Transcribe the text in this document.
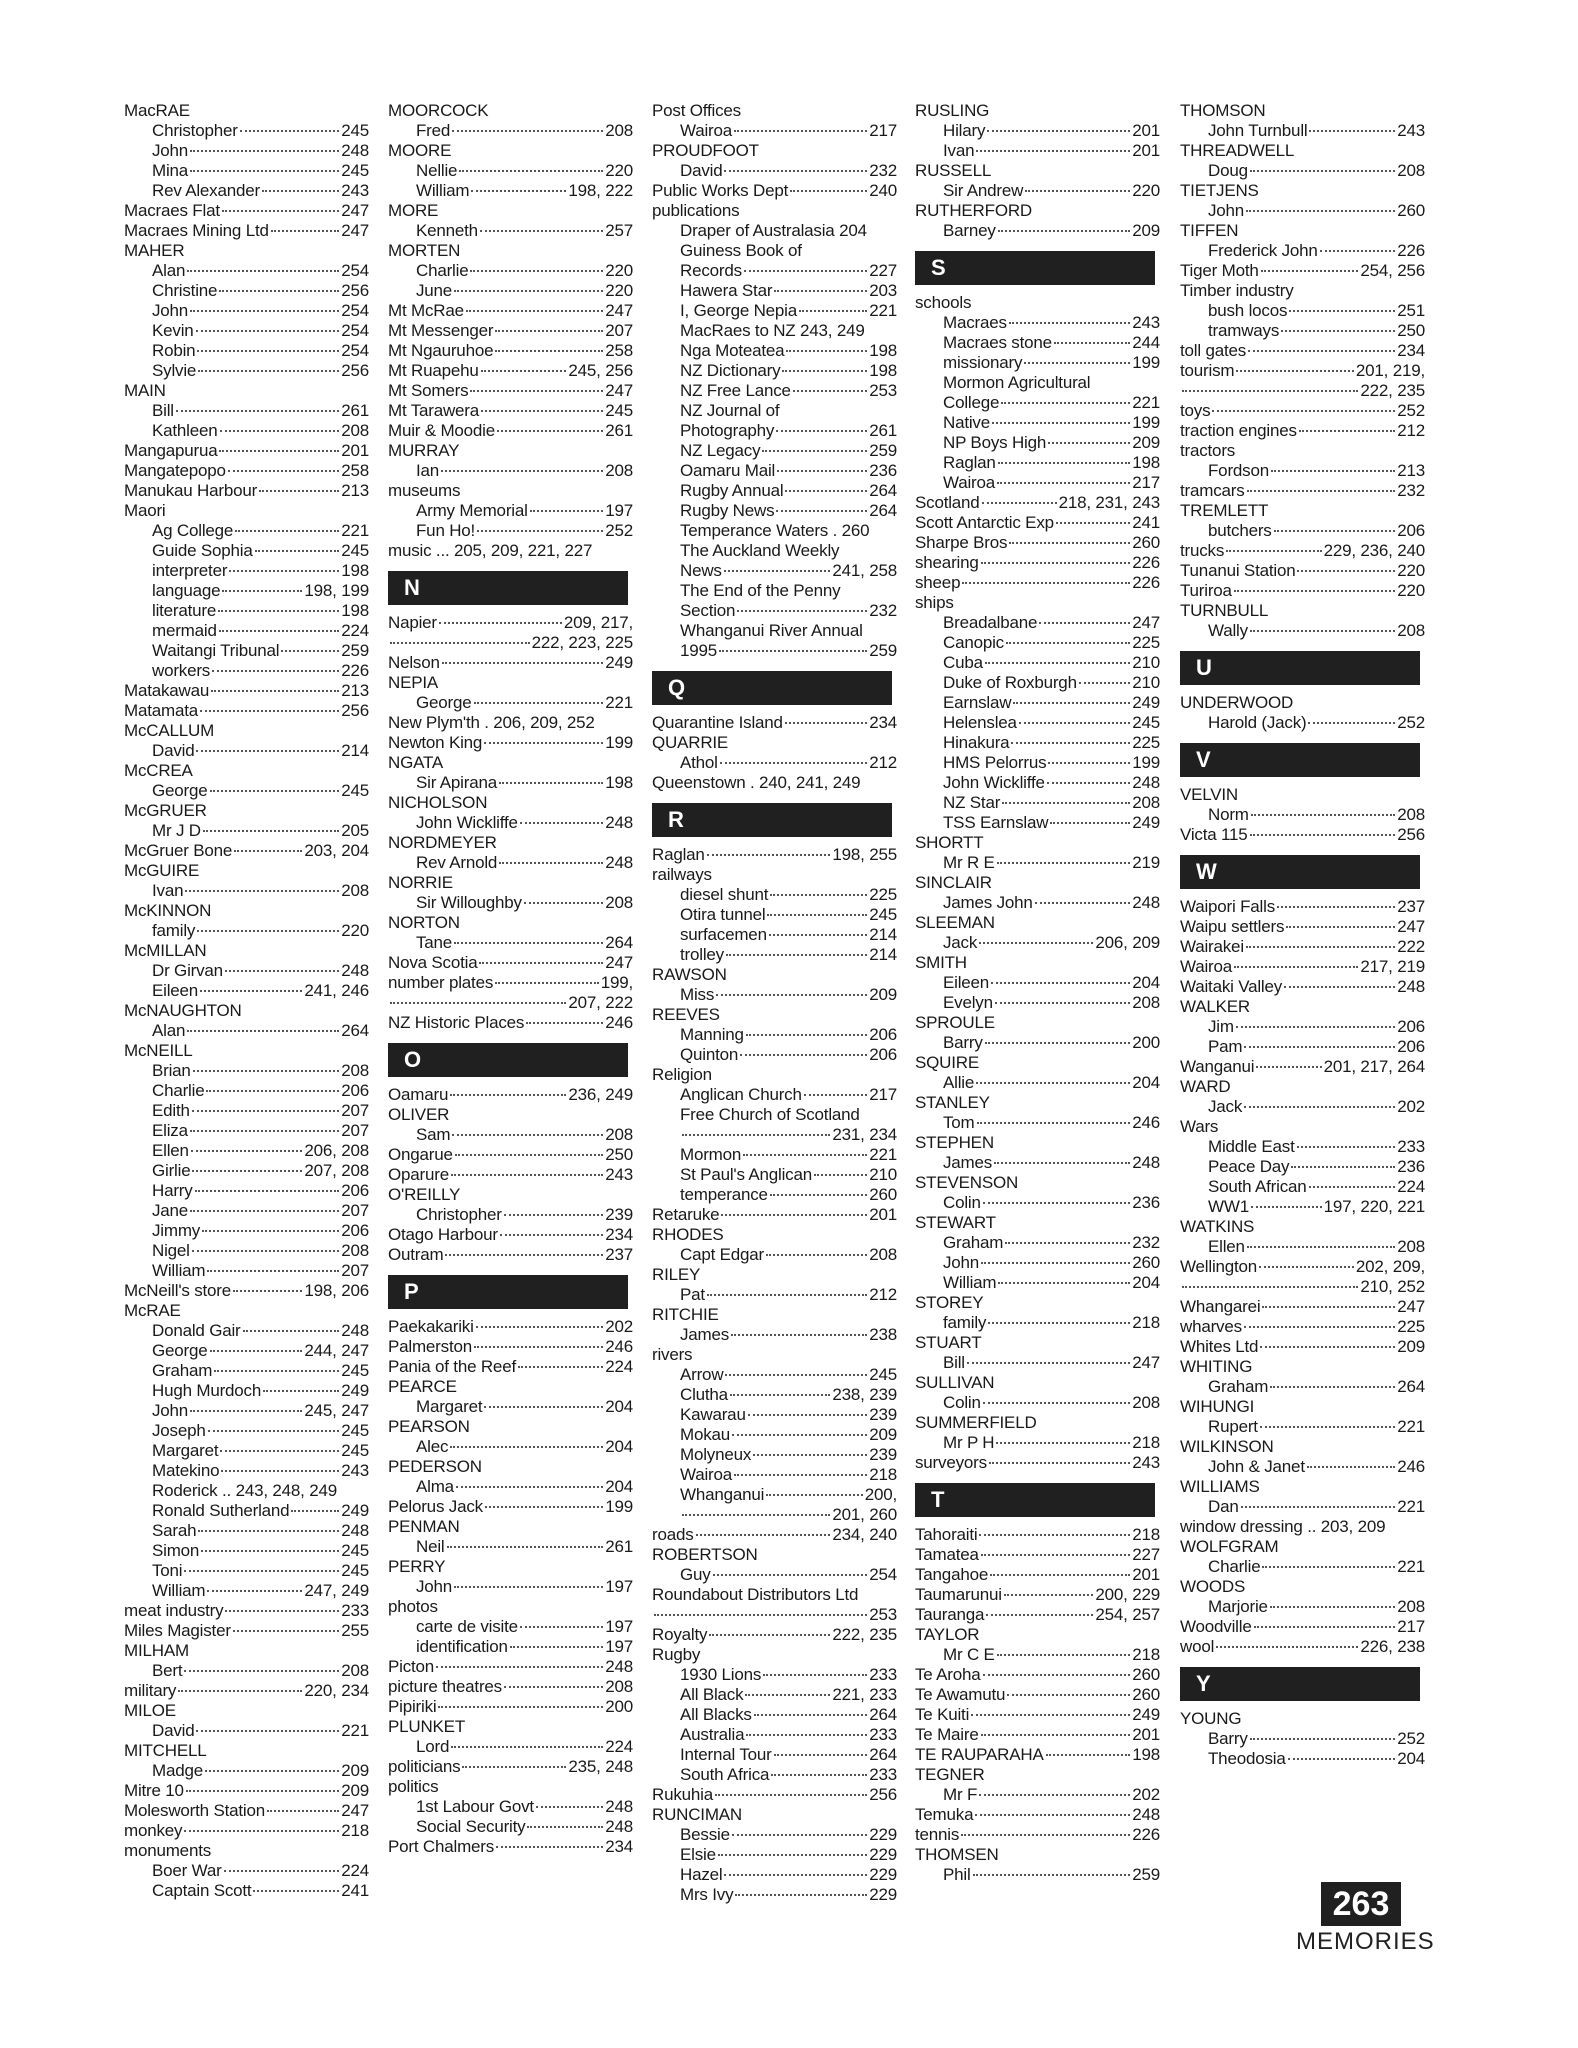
MacRAE
Christopher	245
John	248
Mina	245
Rev Alexander	243
Macraes Flat	247
Macraes Mining Ltd	247
MAHER
Alan	254
Christine	256
John	254
Kevin	254
Robin	254
Sylvie	256
MAIN
Bill	261
Kathleen	208
Mangapurua	201
Mangatepopo	258
Manukau Harbour	213
Maori
Ag College	221
Guide Sophia	245
interpreter	198
language	198, 199
literature	198
mermaid	224
Waitangi Tribunal	259
workers	226
Matakawau	213
Matamata	256
McCALLUM
David	214
McCREA
George	245
McGRUER
Mr J D	205
McGruer Bone	203, 204
McGUIRE
Ivan	208
McKINNON
family	220
McMILLAN
Dr Girvan	248
Eileen	241, 246
McNAUGHTON
Alan	264
McNEILL
Brian	208
Charlie	206
Edith	207
Eliza	207
Ellen	206, 208
Girlie	207, 208
Harry	206
Jane	207
Jimmy	206
Nigel	208
William	207
McNeill's store	198, 206
McRAE
Donald Gair	248
George	244, 247
Graham	245
Hugh Murdoch	249
John	245, 247
Joseph	245
Margaret	245
Matekino	243
Roderick .. 243, 248, 249
Ronald Sutherland	249
Sarah	248
Simon	245
Toni	245
William	247, 249
meat industry	233
Miles Magister	255
MILHAM
Bert	208
military	220, 234
MILOE
David	221
MITCHELL
Madge	209
Mitre 10	209
Molesworth Station	247
monkey	218
monuments
Boer War	224
Captain Scott	241
MOORCOCK
Fred	208
MOORE
Nellie	220
William	198, 222
MORE
Kenneth	257
MORTEN
Charlie	220
June	220
Mt McRae	247
Mt Messenger	207
Mt Ngauruhoe	258
Mt Ruapehu	245, 256
Mt Somers	247
Mt Tarawera	245
Muir & Moodie	261
MURRAY
Ian	208
museums
Army Memorial	197
Fun Ho!	252
music ... 205, 209, 221, 227
N
Napier	209, 217,
222, 223, 225
Nelson	249
NEPIA
George	221
New Plym'th . 206, 209, 252
Newton King	199
NGATA
Sir Apirana	198
NICHOLSON
John Wickliffe	248
NORDMEYER
Rev Arnold	248
NORRIE
Sir Willoughby	208
NORTON
Tane	264
Nova Scotia	247
number plates	199,
207, 222
NZ Historic Places	246
O
Oamaru	236, 249
OLIVER
Sam	208
Ongarue	250
Oparure	243
O'REILLY
Christopher	239
Otago Harbour	234
Outram	237
P
Paekakariki	202
Palmerston	246
Pania of the Reef	224
PEARCE
Margaret	204
PEARSON
Alec	204
PEDERSON
Alma	204
Pelorus Jack	199
PENMAN
Neil	261
PERRY
John	197
photos
carte de visite	197
identification	197
Picton	248
picture theatres	208
Pipiriki	200
PLUNKET
Lord	224
politicians	235, 248
politics
1st Labour Govt	248
Social Security	248
Port Chalmers	234
Post Offices
Wairoa	217
PROUDFOOT
David	232
Public Works Dept	240
publications
Draper of Australasia 204
Guiness Book of
Records	227
Hawera Star	203
I, George Nepia	221
MacRaes to NZ 243, 249
Nga Moteatea	198
NZ Dictionary	198
NZ Free Lance	253
NZ Journal of
Photography	261
NZ Legacy	259
Oamaru Mail	236
Rugby Annual	264
Rugby News	264
Temperance Waters . 260
The Auckland Weekly
News	241, 258
The End of the Penny
Section	232
Whanganui River Annual
1995	259
Q
Quarantine Island	234
QUARRIE
Athol	212
Queenstown . 240, 241, 249
R
Raglan	198, 255
railways
diesel shunt	225
Otira tunnel	245
surfacemen	214
trolley	214
RAWSON
Miss	209
REEVES
Manning	206
Quinton	206
Religion
Anglican Church	217
Free Church of Scotland
231, 234
Mormon	221
St Paul's Anglican	210
temperance	260
Retaruke	201
RHODES
Capt Edgar	208
RILEY
Pat	212
RITCHIE
James	238
rivers
Arrow	245
Clutha	238, 239
Kawarau	239
Mokau	209
Molyneux	239
Wairoa	218
Whanganui	200,
201, 260
roads	234, 240
ROBERTSON
Guy	254
Roundabout Distributors Ltd
253
Royalty	222, 235
Rugby
1930 Lions	233
All Black	221, 233
All Blacks	264
Australia	233
Internal Tour	264
South Africa	233
Rukuhia	256
RUNCIMAN
Bessie	229
Elsie	229
Hazel	229
Mrs Ivy	229
RUSLING
Hilary	201
Ivan	201
RUSSELL
Sir Andrew	220
RUTHERFORD
Barney	209
S
schools
Macraes	243
Macraes stone	244
missionary	199
Mormon Agricultural
College	221
Native	199
NP Boys High	209
Raglan	198
Wairoa	217
Scotland	218, 231, 243
Scott Antarctic Exp	241
Sharpe Bros	260
shearing	226
sheep	226
ships
Breadalbane	247
Canopic	225
Cuba	210
Duke of Roxburgh	210
Earnslaw	249
Helenslea	245
Hinakura	225
HMS Pelorrus	199
John Wickliffe	248
NZ Star	208
TSS Earnslaw	249
SHORTT
Mr R E	219
SINCLAIR
James John	248
SLEEMAN
Jack	206, 209
SMITH
Eileen	204
Evelyn	208
SPROULE
Barry	200
SQUIRE
Allie	204
STANLEY
Tom	246
STEPHEN
James	248
STEVENSON
Colin	236
STEWART
Graham	232
John	260
William	204
STOREY
family	218
STUART
Bill	247
SULLIVAN
Colin	208
SUMMERFIELD
Mr P H	218
surveyors	243
T
Tahoraiti	218
Tamatea	227
Tangahoe	201
Taumarunui	200, 229
Tauranga	254, 257
TAYLOR
Mr C E	218
Te Aroha	260
Te Awamutu	260
Te Kuiti	249
Te Maire	201
TE RAUPARAHA	198
TEGNER
Mr F	202
Temuka	248
tennis	226
THOMSEN
Phil	259
THOMSON
John Turnbull	243
THREADWELL
Doug	208
TIETJENS
John	260
TIFFEN
Frederick John	226
Tiger Moth	254, 256
Timber industry
bush locos	251
tramways	250
toll gates	234
tourism	201, 219,
222, 235
toys	252
traction engines	212
tractors
Fordson	213
tramcars	232
TREMLETT
butchers	206
trucks	229, 236, 240
Tunanui Station	220
Turiroa	220
TURNBULL
Wally	208
U
UNDERWOOD
Harold (Jack)	252
V
VELVIN
Norm	208
Victa 115	256
W
Waipori Falls	237
Waipu settlers	247
Wairakei	222
Wairoa	217, 219
Waitaki Valley	248
WALKER
Jim	206
Pam	206
Wanganui	201, 217, 264
WARD
Jack	202
Wars
Middle East	233
Peace Day	236
South African	224
WW1	197, 220, 221
WATKINS
Ellen	208
Wellington	202, 209,
210, 252
Whangarei	247
wharves	225
Whites Ltd	209
WHITING
Graham	264
WIHUNGI
Rupert	221
WILKINSON
John & Janet	246
WILLIAMS
Dan	221
window dressing .. 203, 209
WOLFGRAM
Charlie	221
WOODS
Marjorie	208
Woodville	217
wool	226, 238
Y
YOUNG
Barry	252
Theodosia	204
263
MEMORIES
